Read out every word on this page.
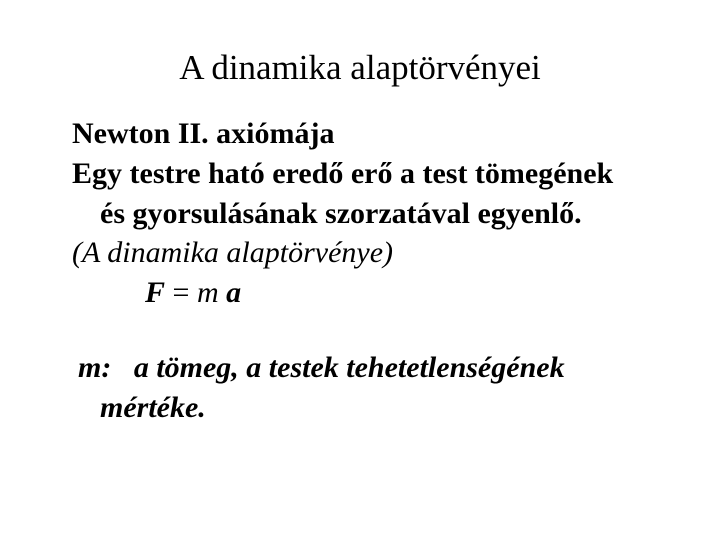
A dinamika alaptörvényei
Newton II. axiómája
Egy testre ható eredő erő a test tömegének
és gyorsulásának szorzatával egyenlő.
(A dinamika alaptörvénye)
F = m a
m:   a tömeg, a testek tehetetlenségének
mértéke.
